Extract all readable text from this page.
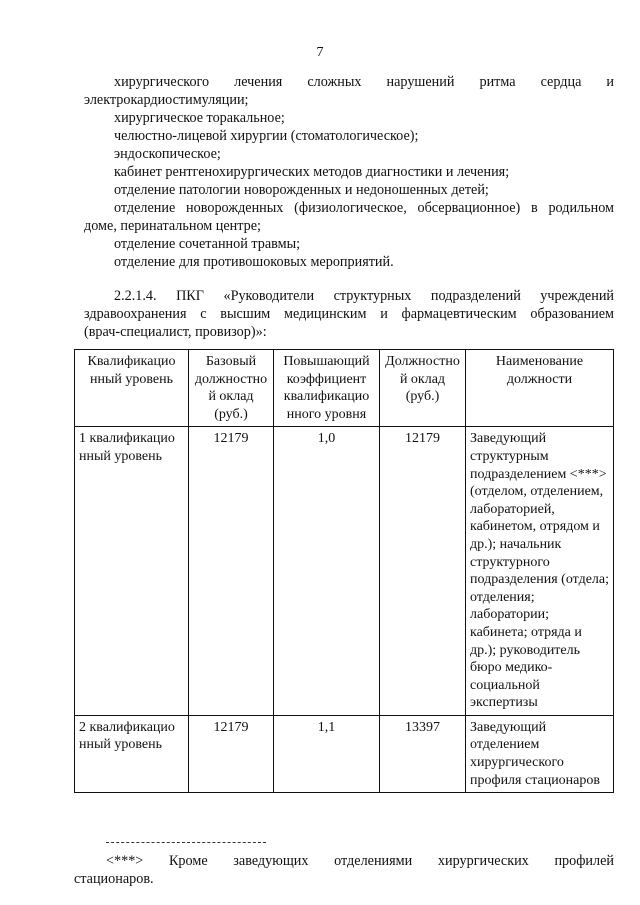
7
хирургического лечения сложных нарушений ритма сердца и
электрокардиостимуляции;
хирургическое торакальное;
челюстно-лицевой хирургии (стоматологическое);
эндоскопическое;
кабинет рентгенохирургических методов диагностики и лечения;
отделение патологии новорожденных и недоношенных детей;
отделение новорожденных (физиологическое, обсервационное) в родильном
доме, перинатальном центре;
отделение сочетанной травмы;
отделение для противошоковых мероприятий.
2.2.1.4. ПКГ «Руководители структурных подразделений учреждений
здравоохранения с высшим медицинским и фармацевтическим образованием
(врач-специалист, провизор)»:
Квалификацио нный уровень	Базовый должностно й оклад (руб.)	Повышающий коэффициент квалификацио нного уровня	Должностно й оклад (руб.)	Наименование должности
1 квалификацио нный уровень	12179	1,0	12179	Заведующий структурным подразделением <***> (отделом, отделением, лабораторией, кабинетом, отрядом и др.); начальник структурного подразделения (отдела; отделения; лаборатории; кабинета; отряда и др.); руководитель бюро медико-социальной экспертизы
2 квалификацио нный уровень	12179	1,1	13397	Заведующий отделением хирургического профиля стационаров
<***> Кроме заведующих отделениями хирургических профилей
стационаров.
